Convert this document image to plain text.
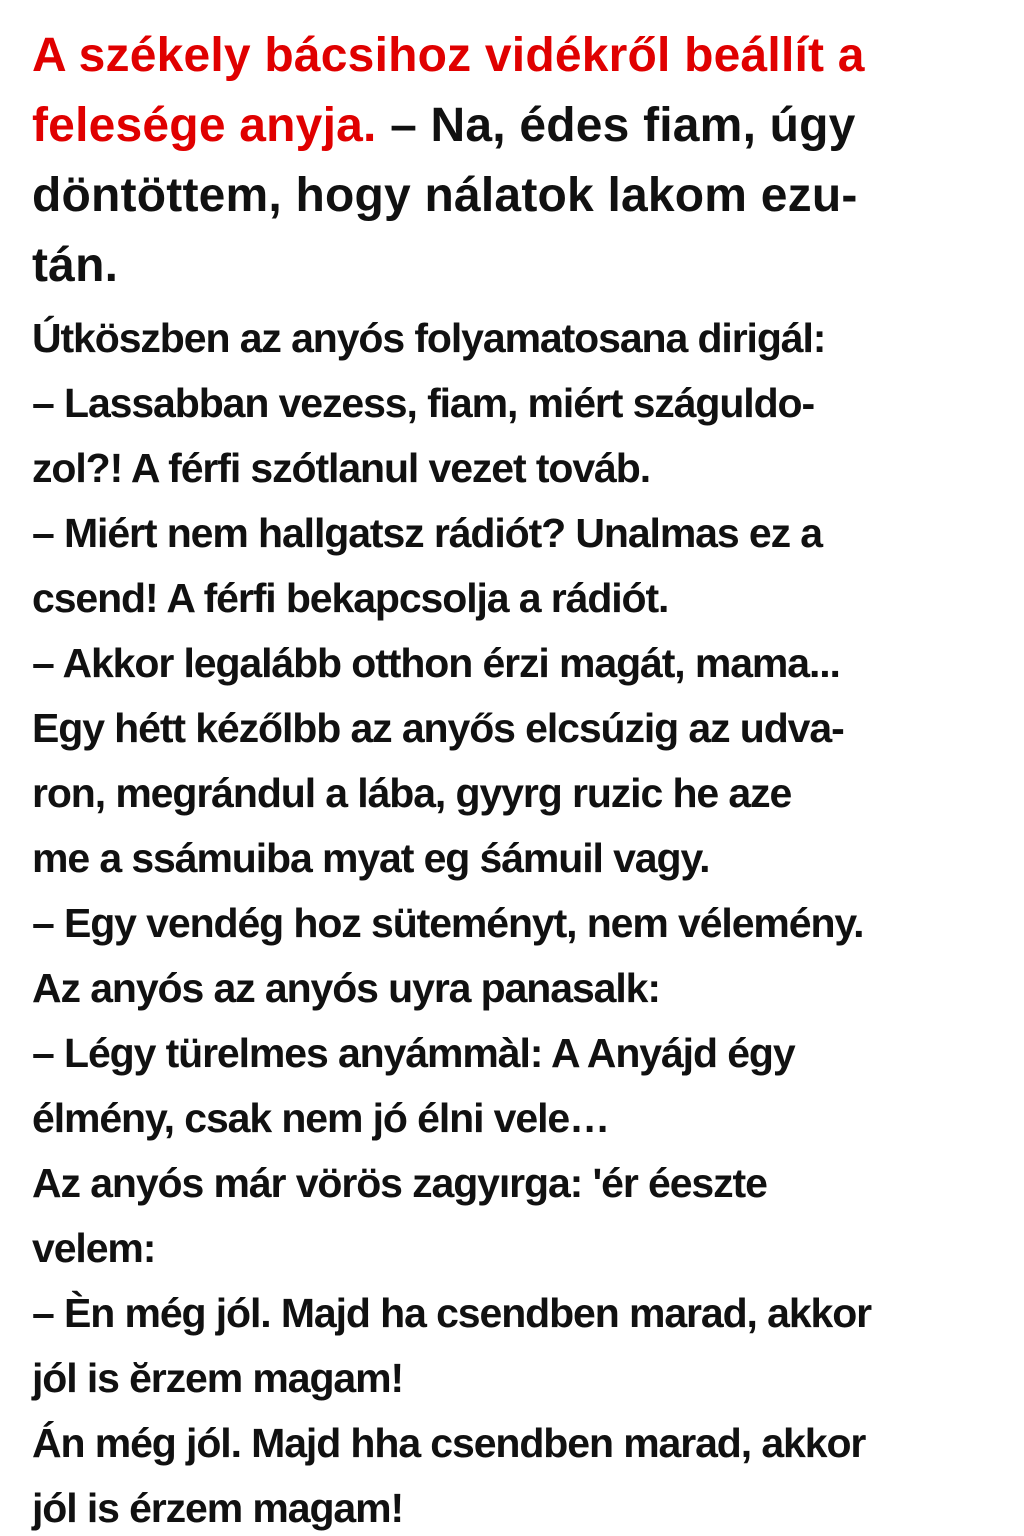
A székely bácsihoz vidékről beállít a
felesége anyja. – Na, édes fiam, úgy
döntöttem, hogy nálatok lakom ezu-
tán.
Útköszben az anyós folyamatosana dirigál:
– Lassabban vezess, fiam, miért száguldo-
zol?! A férfi szótlanul vezet továb.
– Miért nem hallgatsz rádiót? Unalmas ez a
csend! A férfi bekapcsolja a rádiót.
– Akkor legalább otthon érzi magát, mama...
Egy hétt kézőlbb az anyős elcsúzig az udva-
ron, megrándul a lába, gyyrg ruzic he aze
me a ssámuiba myat eg śámuil vagy.
– Egy vendég hoz süteményt, nem vélemény.
Az anyós az anyós uyra panasalk:
– Légy türelmes anyámmàl: A Anyájd égy
élmény, csak nem jó élni vele…
Az anyós már vörös zagyırga: 'ér éeszte
velem:
– Èn még jól. Majd ha csendben marad, akkor
jól is ĕrzem magam!
Án még jól. Majd hha csendben marad, akkor
jól is érzem magam!
